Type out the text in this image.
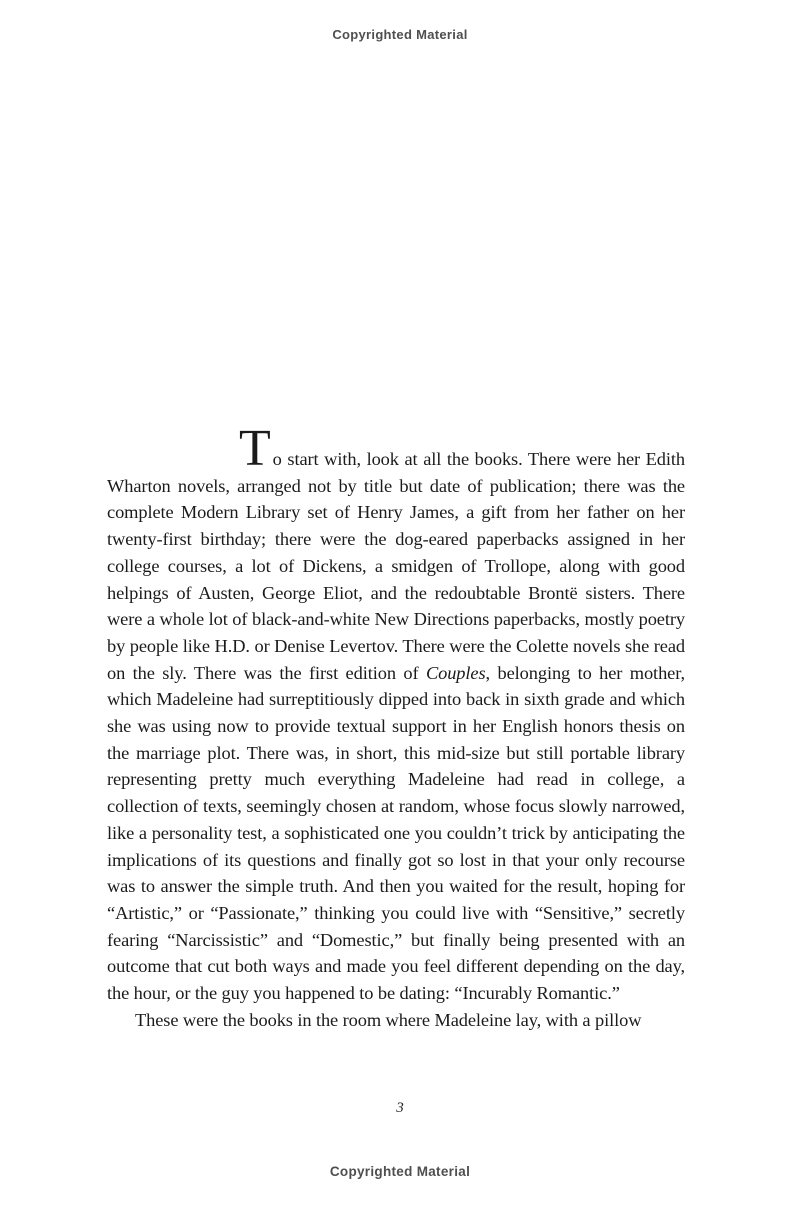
Copyrighted Material

To start with, look at all the books. There were her Edith Wharton novels, arranged not by title but date of publication; there was the complete Modern Library set of Henry James, a gift from her father on her twenty-first birthday; there were the dog-eared paperbacks assigned in her college courses, a lot of Dickens, a smidgen of Trollope, along with good helpings of Austen, George Eliot, and the redoubtable Brontë sisters. There were a whole lot of black-and-white New Directions paperbacks, mostly poetry by people like H.D. or Denise Levertov. There were the Colette novels she read on the sly. There was the first edition of Couples, belonging to her mother, which Madeleine had surreptitiously dipped into back in sixth grade and which she was using now to provide textual support in her English honors thesis on the marriage plot. There was, in short, this mid-size but still portable library representing pretty much everything Madeleine had read in college, a collection of texts, seemingly chosen at random, whose focus slowly narrowed, like a personality test, a sophisticated one you couldn’t trick by anticipating the implications of its questions and finally got so lost in that your only recourse was to answer the simple truth. And then you waited for the result, hoping for “Artistic,” or “Passionate,” thinking you could live with “Sensitive,” secretly fearing “Narcissistic” and “Domestic,” but finally being presented with an outcome that cut both ways and made you feel different depending on the day, the hour, or the guy you happened to be dating: “Incurably Romantic.”

These were the books in the room where Madeleine lay, with a pillow

3
Copyrighted Material
